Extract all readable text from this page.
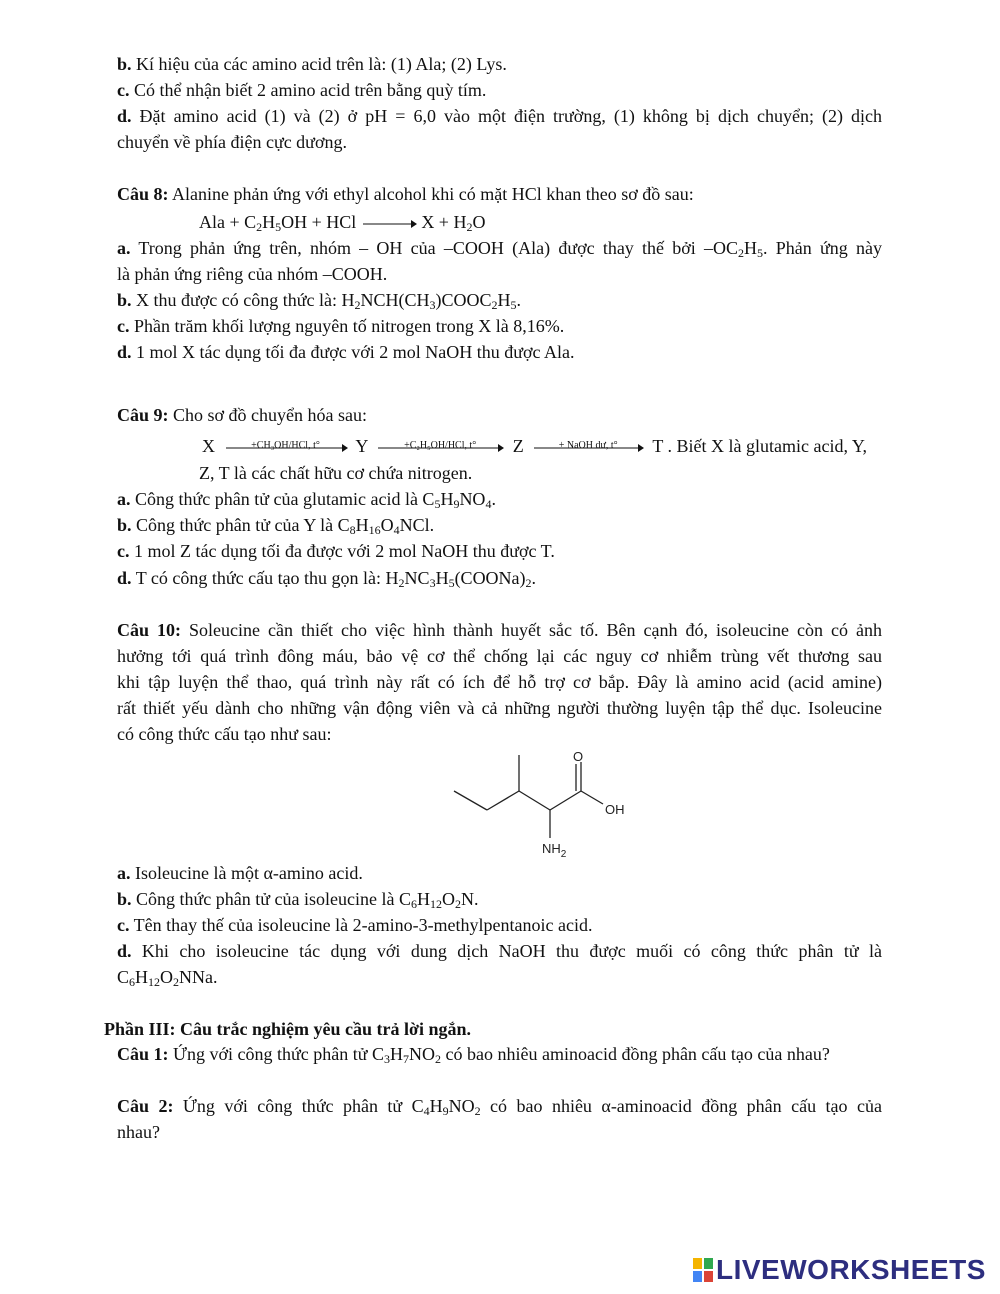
b. Kí hiệu của các amino acid trên là: (1) Ala; (2) Lys.
c. Có thể nhận biết 2 amino acid trên bằng quỳ tím.
d. Đặt amino acid (1) và (2) ở pH = 6,0 vào một điện trường, (1) không bị dịch chuyển; (2) dịch
chuyển về phía điện cực dương.
Câu 8: Alanine phản ứng với ethyl alcohol khi có mặt HCl khan theo sơ đồ sau:
Ala + $C_2H_5OH$ + HCl → $X + H_2O$
a. Trong phản ứng trên, nhóm – OH của –COOH (Ala) được thay thế bởi $-OC_2H_5$. Phản ứng này
là phản ứng riêng của nhóm –COOH.
b. X thu được có công thức là: $H_2NCH(CH_3)COOC_2H_5$.
c. Phần trăm khối lượng nguyên tố nitrogen trong X là 8,16%.
d. 1 mol X tác dụng tối đa được với 2 mol NaOH thu được Ala.
Câu 9: Cho sơ đồ chuyển hóa sau:
X	+CH₃OH/HCl, t°	Y	+C₂H₅OH/HCl, t°	Z	+ NaOH dư, t°	T . Biết X là glutamic acid, Y,
Z, T là các chất hữu cơ chứa nitrogen.
a. Công thức phân tử của glutamic acid là $C_5H_9NO_4$.
b. Công thức phân tử của Y là $C_8H_{16}O_4NCl$.
c. 1 mol Z tác dụng tối đa được với 2 mol NaOH thu được T.
d. T có công thức cấu tạo thu gọn là: $H_2NC_3H_5(COONa)_2$.
Câu 10: Soleucine cần thiết cho việc hình thành huyết sắc tố. Bên cạnh đó, isoleucine còn có ảnh
hưởng tới quá trình đông máu, bảo vệ cơ thể chống lại các nguy cơ nhiễm trùng vết thương sau
khi tập luyện thể thao, quá trình này rất có ích để hỗ trợ cơ bắp. Đây là amino acid (acid amine)
rất thiết yếu dành cho những vận động viên và cả những người thường luyện tập thể dục. Isoleucine
có công thức cấu tạo như sau:
O
OH
$NH_2$
a. Isoleucine là một α-amino acid.
b. Công thức phân tử của isoleucine là $C_6H_{12}O_2N$.
c. Tên thay thế của isoleucine là 2-amino-3-methylpentanoic acid.
d. Khi cho isoleucine tác dụng với dung dịch NaOH thu được muối có công thức phân tử là
$C_6H_{12}O_2NNa$.
Phần III: Câu trắc nghiệm yêu cầu trả lời ngắn.
Câu 1: Ứng với công thức phân tử $C_3H_7NO_2$ có bao nhiêu aminoacid đồng phân cấu tạo của nhau?
Câu 2: Ứng với công thức phân tử $C_4H_9NO_2$ có bao nhiêu α-aminoacid đồng phân cấu tạo của
nhau?
LIVEWORKSHEETS
